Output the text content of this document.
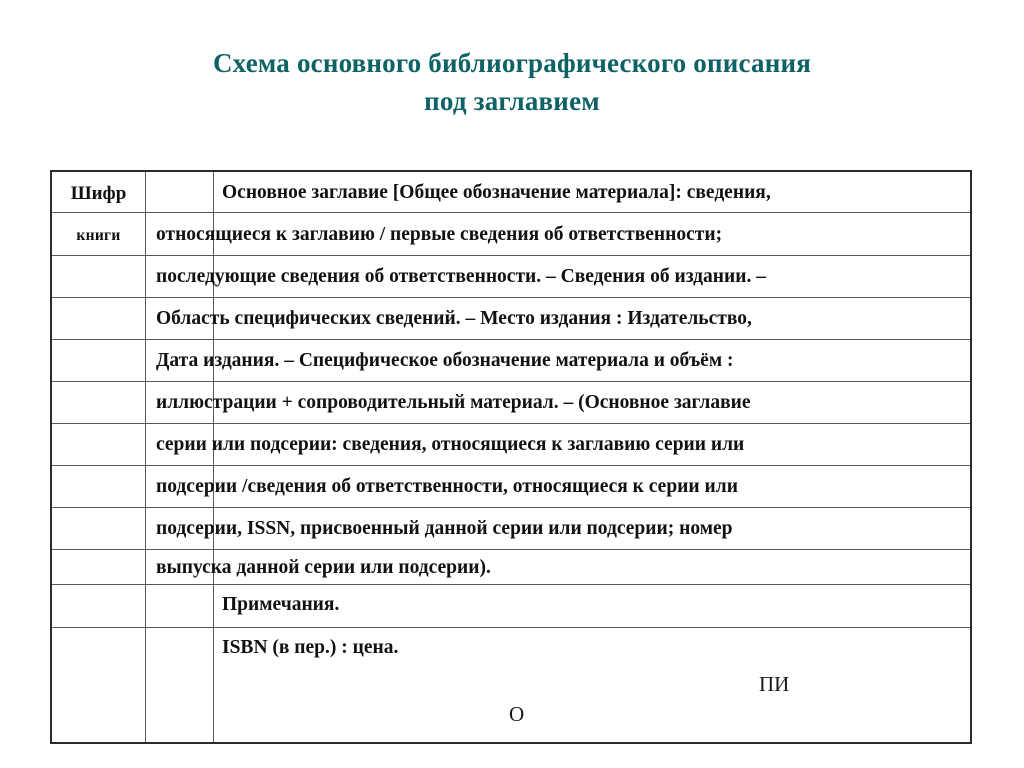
Схема основного библиографического описания
под заглавием
Шифр
книги
Основное заглавие [Общее обозначение материала]: сведения,
относящиеся к заглавию / первые сведения об ответственности;
последующие сведения об ответственности. – Сведения об издании. –
Область специфических сведений. – Место издания : Издательство,
Дата издания. – Специфическое обозначение материала и объём :
иллюстрации + сопроводительный материал. – (Основное заглавие
серии или подсерии: сведения, относящиеся к заглавию серии или
подсерии /сведения об ответственности, относящиеся к серии или
подсерии, ISSN, присвоенный данной серии или подсерии; номер
выпуска данной серии или подсерии).
Примечания.
ISBN (в пер.) : цена.
ПИ
О
